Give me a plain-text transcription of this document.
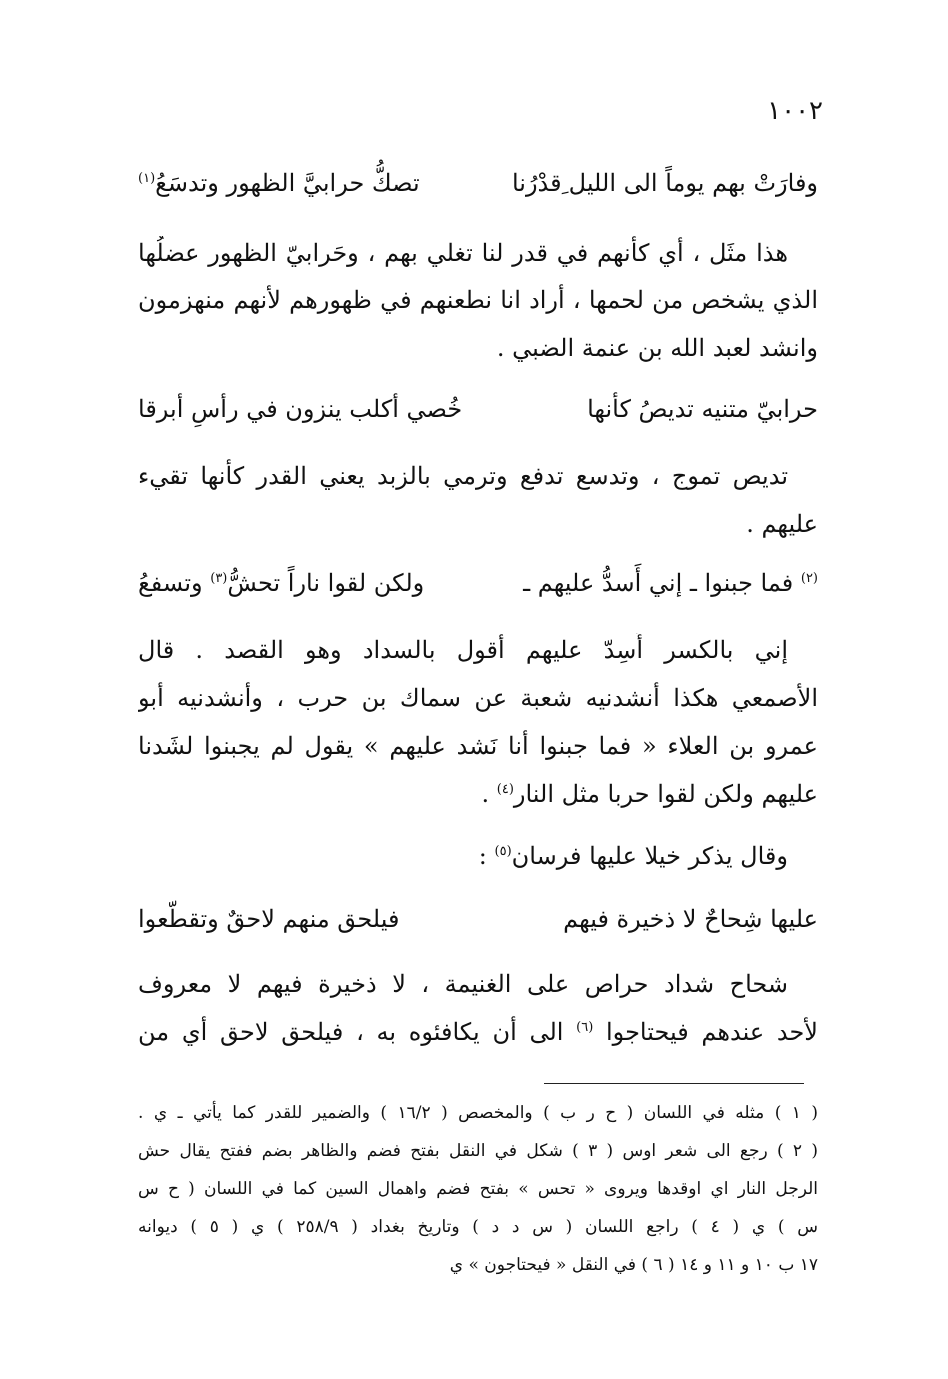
١٠٠٢
وفارَتْ بهم يوماً الى الليل ِقدْرُنا
تصكُّ حرابيَّ الظهور وتدسَعُ$^{(١)}$
هذا مثَل ، أي كأنهم في قدر لنا تغلي بهم ، وحَرابيّ الظهور عضلُها
الذي يشخص من لحمها ، أراد انا نطعنهم في ظهورهم لأنهم منهزمون
وانشد لعبد الله بن عنمة الضبي .
حرابيّ متنيه تديصُ كأنها
خُصي أكلب ينزون في رأسِ أبرقا
تديص تموج ، وتدسع تدفع وترمي بالزبد يعني القدر كأنها تقيء
عليهم .
$^{(٢)}$ فما جبنوا ـ إني أَسدُّ عليهم ـ
ولكن لقوا ناراً تحشُّ$^{(٣)}$ وتسفعُ
إني بالكسر أَسِدّ عليهم أقول بالسداد وهو القصد . قال
الأصمعي هكذا أنشدنيه شعبة عن سماك بن حرب ، وأنشدنيه أبو
عمرو بن العلاء « فما جبنوا أنا نَشد عليهم » يقول لم يجبنوا لشَدنا
عليهم ولكن لقوا حربا مثل النار$^{(٤)}$ .
وقال يذكر خيلا عليها فرسان$^{(٥)}$ :
عليها شِحاحٌ لا ذخيرة فيهم
فيلحق منهم لاحقٌ وتقطّعوا
شحاح شداد حراص على الغنيمة ، لا ذخيرة فيهم لا معروف
لأحد عندهم فيحتاجوا $^{(٦)}$ الى أن يكافئوه به ، فيلحق لاحق أي من
( ١ ) مثله في اللسان ( ح ر ب ) والمخصص ( ١٦/٢ ) والضمير للقدر كما يأتي ـ ي .
( ٢ ) رجع الى شعر اوس ( ٣ ) شكل في النقل بفتح فضم والظاهر بضم ففتح يقال حش
الرجل النار اي اوقدها ويروى « تحس » بفتح فضم واهمال السين كما في اللسان ( ح س
س ) ي ( ٤ ) راجع اللسان ( س د د ) وتاريخ بغداد ( ٢٥٨/٩ ) ي ( ٥ ) ديوانه
١٧ ب ١٠ و ١١ و ١٤ ( ٦ ) في النقل « فيحتاجون » ي
